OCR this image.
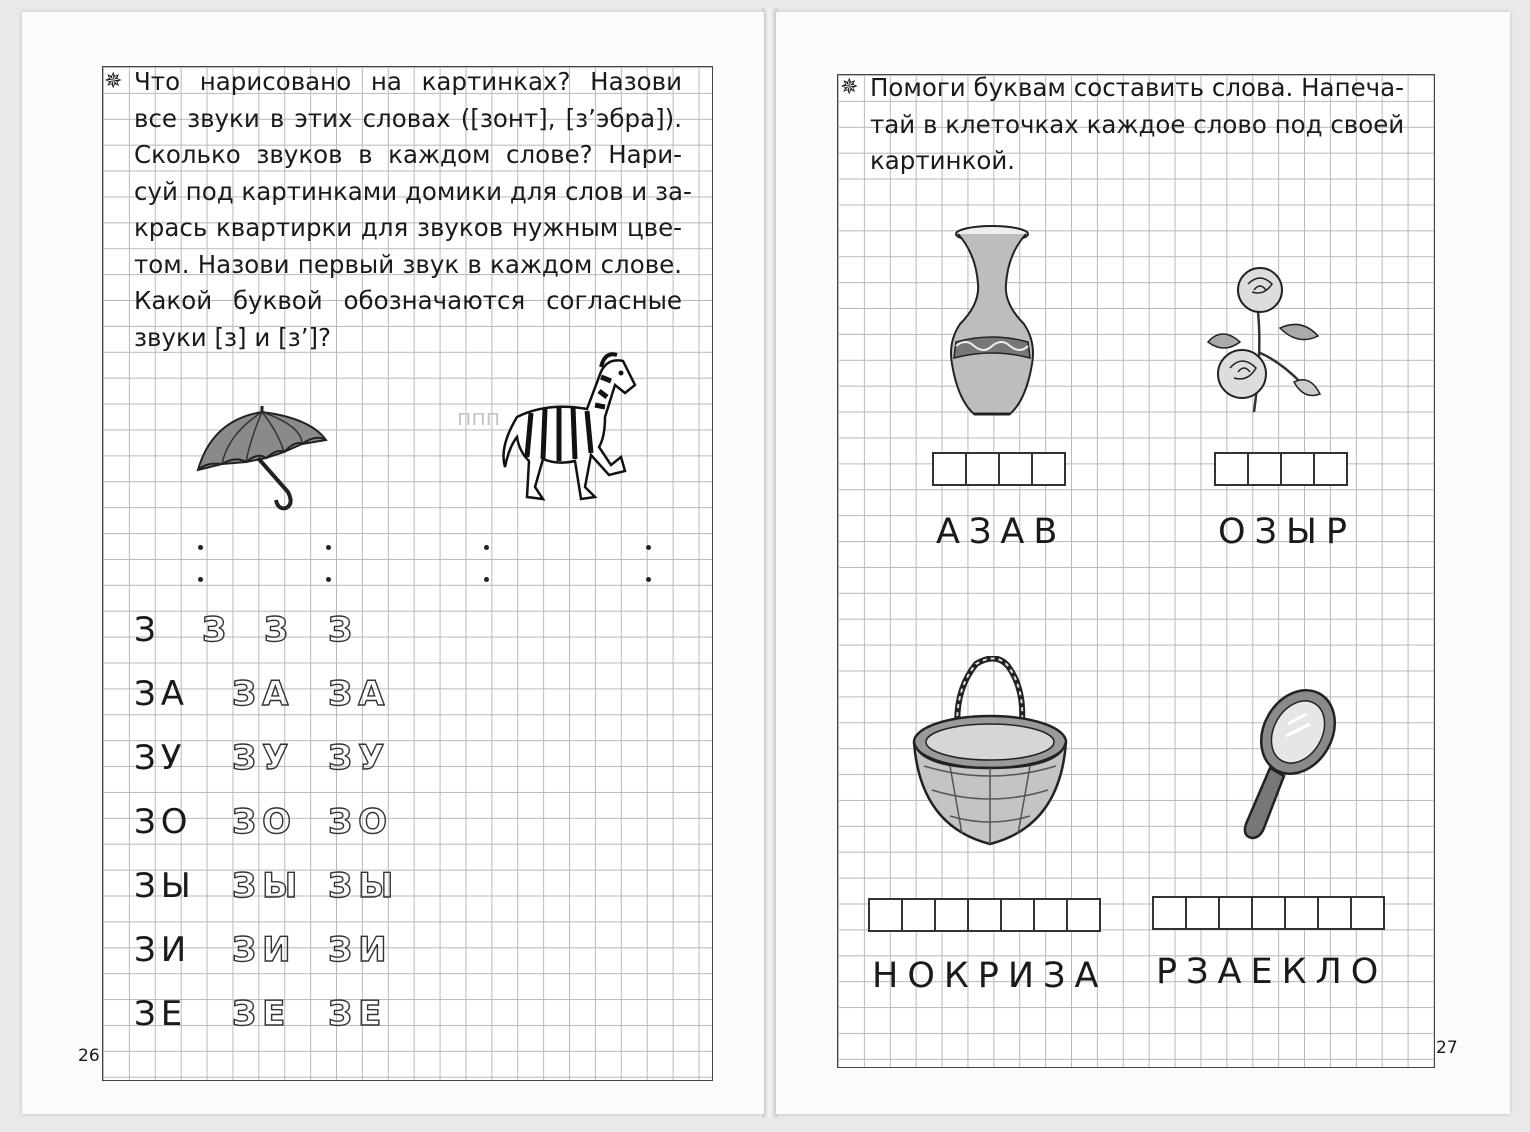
ппп
✵ Что нарисовано на картинках? Назови
все звуки в этих словах ([зонт], [з’эбра]).
Сколько звуков в каждом слове? Нари-
суй под картинками домики для слов и за-
крась квартирки для звуков нужным цве-
том. Назови первый звук в каждом слове.
Какой буквой обозначаются согласные
звуки [з] и [з’]?
З З З З
ЗА ЗА ЗА
ЗУ ЗУ ЗУ
ЗО ЗО ЗО
ЗЫ ЗЫ ЗЫ
ЗИ ЗИ ЗИ
ЗЕ ЗЕ ЗЕ
26
✵ Помоги буквам составить слова. Напеча-
тай в клеточках каждое слово под своей
картинкой.
АЗАВ	ОЗЫР
НОКРИЗА РЗАЕКЛО
27
